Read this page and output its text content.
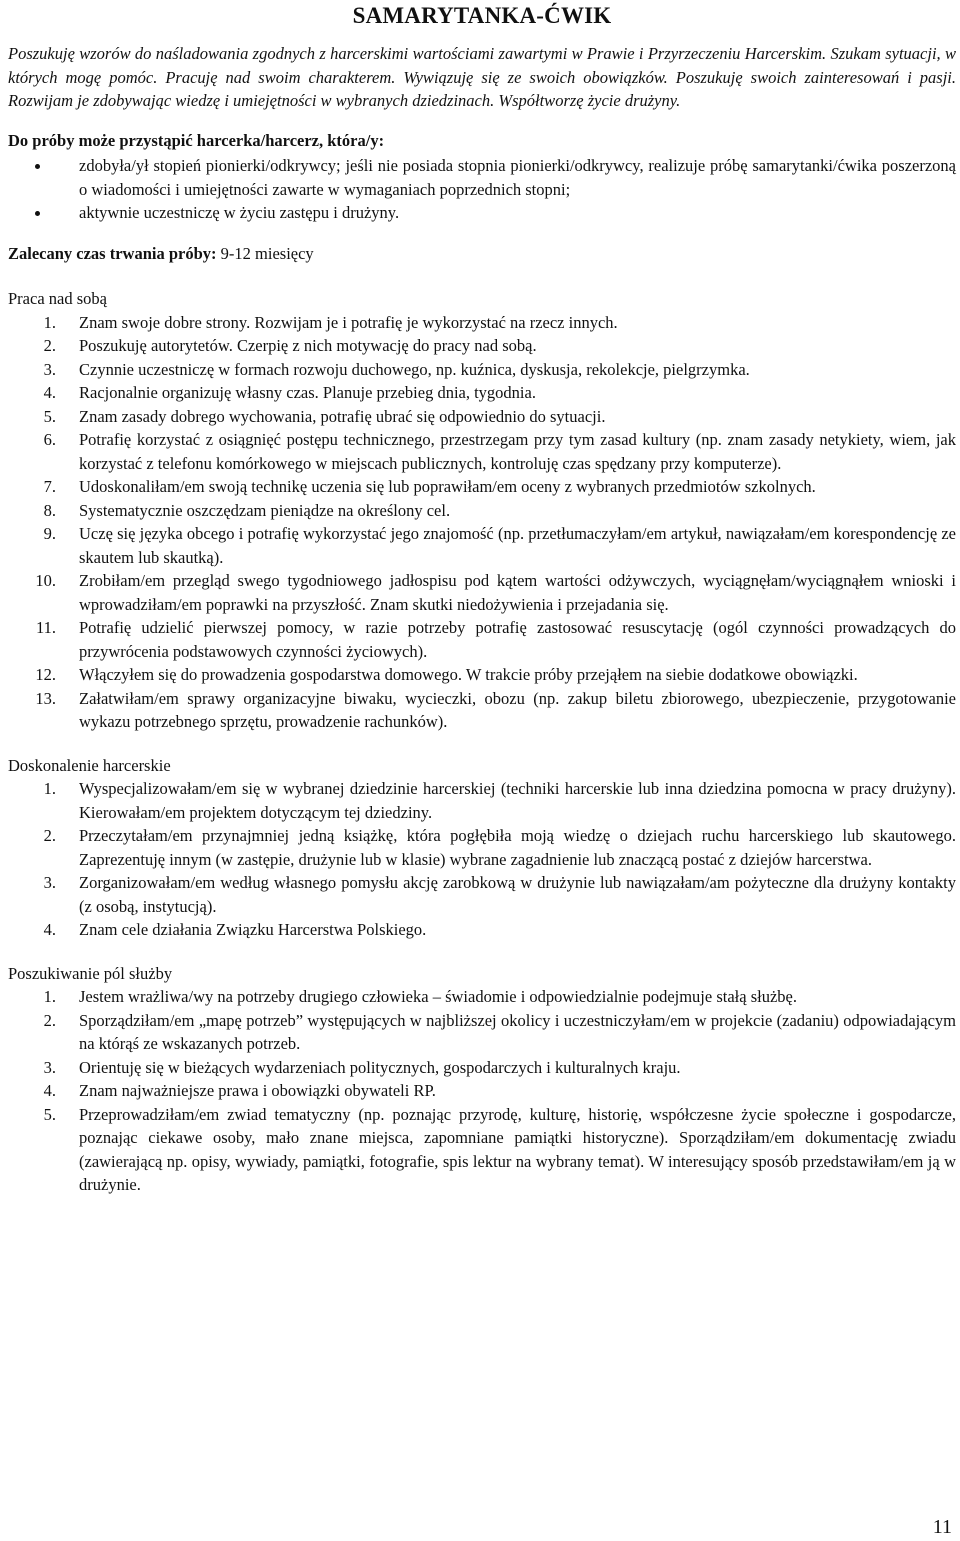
SAMARYTANKA-ĆWIK

Poszukuję wzorów do naśladowania zgodnych z harcerskimi wartościami zawartymi w Prawie i Przyrzeczeniu Harcerskim. Szukam sytuacji, w których mogę pomóc. Pracuję nad swoim charakterem. Wywiązuję się ze swoich obowiązków. Poszukuję swoich zainteresowań i pasji. Rozwijam je zdobywając wiedzę i umiejętności w wybranych dziedzinach. Współtworzę życie drużyny.

Do próby może przystąpić harcerka/harcerz, która/y:

zdobyła/ył stopień pionierki/odkrywcy; jeśli nie posiada stopnia pionierki/odkrywcy, realizuje próbę samarytanki/ćwika poszerzoną o wiadomości i umiejętności zawarte w wymaganiach poprzednich stopni;
aktywnie uczestniczę w życiu zastępu i drużyny.

Zalecany czas trwania próby: 9-12 miesięcy

Praca nad sobą

1. Znam swoje dobre strony. Rozwijam je i potrafię je wykorzystać na rzecz innych.
2. Poszukuję autorytetów. Czerpię z nich motywację do pracy nad sobą.
3. Czynnie uczestniczę w formach rozwoju duchowego, np. kuźnica, dyskusja, rekolekcje, pielgrzymka.
4. Racjonalnie organizuję własny czas. Planuje przebieg dnia, tygodnia.
5. Znam zasady dobrego wychowania, potrafię ubrać się odpowiednio do sytuacji.
6. Potrafię korzystać z osiągnięć postępu technicznego, przestrzegam przy tym zasad kultury (np. znam zasady netykiety, wiem, jak korzystać z telefonu komórkowego w miejscach publicznych, kontroluję czas spędzany przy komputerze).
7. Udoskonaliłam/em swoją technikę uczenia się lub poprawiłam/em oceny z wybranych przedmiotów szkolnych.
8. Systematycznie oszczędzam pieniądze na określony cel.
9. Uczę się języka obcego i potrafię wykorzystać jego znajomość (np. przetłumaczyłam/em artykuł, nawiązałam/em korespondencję ze skautem lub skautką).
10. Zrobiłam/em przegląd swego tygodniowego jadłospisu pod kątem wartości odżywczych, wyciągnęłam/wyciągnąłem wnioski i wprowadziłam/em poprawki na przyszłość. Znam skutki niedożywienia i przejadania się.
11. Potrafię udzielić pierwszej pomocy, w razie potrzeby potrafię zastosować resuscytację (ogól czynności prowadzących do przywrócenia podstawowych czynności życiowych).
12. Włączyłem się do prowadzenia gospodarstwa domowego. W trakcie próby przejąłem na siebie dodatkowe obowiązki.
13. Załatwiłam/em sprawy organizacyjne biwaku, wycieczki, obozu (np. zakup biletu zbiorowego, ubezpieczenie, przygotowanie wykazu potrzebnego sprzętu, prowadzenie rachunków).

Doskonalenie harcerskie

1. Wyspecjalizowałam/em się w wybranej dziedzinie harcerskiej (techniki harcerskie lub inna dziedzina pomocna w pracy drużyny). Kierowałam/em projektem dotyczącym tej dziedziny.
2. Przeczytałam/em przynajmniej jedną książkę, która pogłębiła moją wiedzę o dziejach ruchu harcerskiego lub skautowego. Zaprezentuję innym (w zastępie, drużynie lub w klasie) wybrane zagadnienie lub znaczącą postać z dziejów harcerstwa.
3. Zorganizowałam/em według własnego pomysłu akcję zarobkową w drużynie lub nawiązałam/am pożyteczne dla drużyny kontakty (z osobą, instytucją).
4. Znam cele działania Związku Harcerstwa Polskiego.

Poszukiwanie pól służby

1. Jestem wrażliwa/wy na potrzeby drugiego człowieka – świadomie i odpowiedzialnie podejmuje stałą służbę.
2. Sporządziłam/em „mapę potrzeb” występujących w najbliższej okolicy i uczestniczyłam/em w projekcie (zadaniu) odpowiadającym na którąś ze wskazanych potrzeb.
3. Orientuję się w bieżących wydarzeniach politycznych, gospodarczych i kulturalnych kraju.
4. Znam najważniejsze prawa i obowiązki obywateli RP.
5. Przeprowadziłam/em zwiad tematyczny (np. poznając przyrodę, kulturę, historię, współczesne życie społeczne i gospodarcze, poznając ciekawe osoby, mało znane miejsca, zapomniane pamiątki historyczne). Sporządziłam/em dokumentację zwiadu (zawierającą np. opisy, wywiady, pamiątki, fotografie, spis lektur na wybrany temat). W interesujący sposób przedstawiłam/em ją w drużynie.
11
